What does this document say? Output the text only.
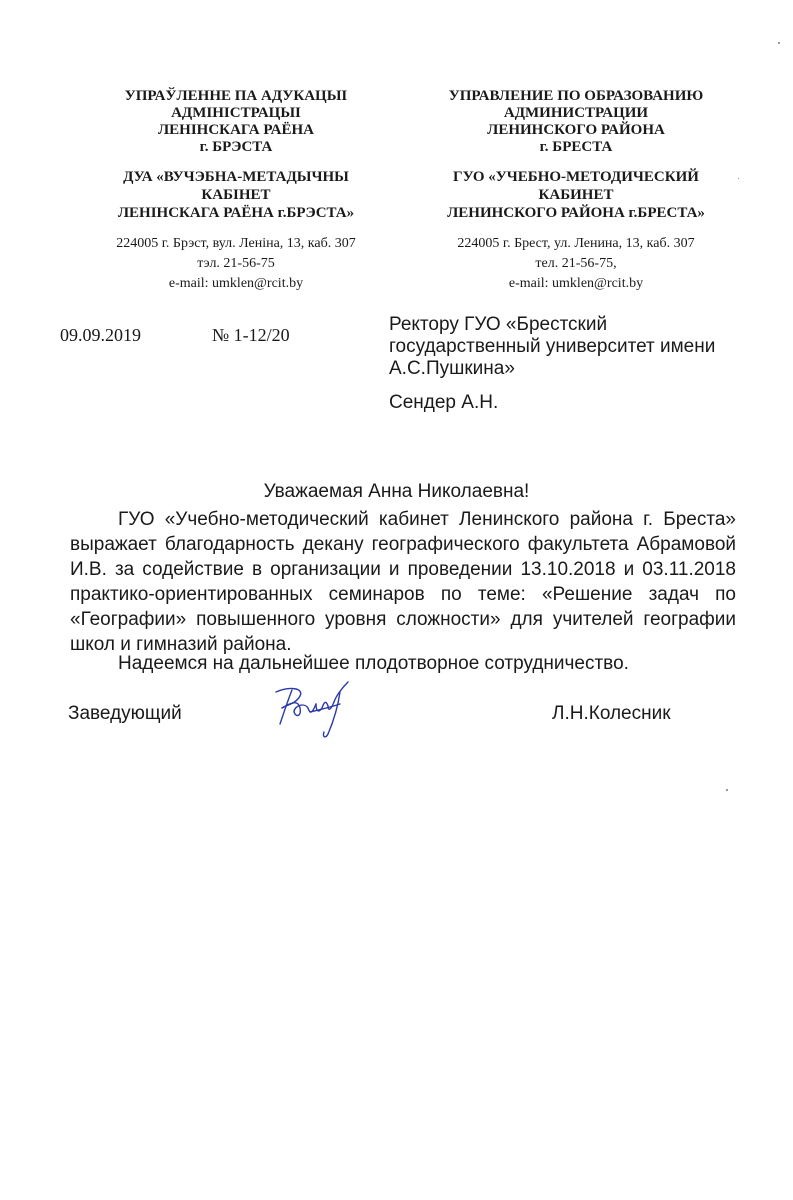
УПРАЎЛЕННЕ ПА АДУКАЦЫІ
АДМІНІСТРАЦЫІ
ЛЕНІНСКАГА РАЁНА
г. БРЭСТА
ДУА «ВУЧЭБНА-МЕТАДЫЧНЫ
КАБІНЕТ
ЛЕНІНСКАГА РАЁНА г.БРЭСТА»
224005 г. Брэст, вул. Леніна, 13, каб. 307
тэл. 21-56-75
e-mail: umklen@rcit.by
УПРАВЛЕНИЕ ПО ОБРАЗОВАНИЮ
АДМИНИСТРАЦИИ
ЛЕНИНСКОГО РАЙОНА
г. БРЕСТА
ГУО «УЧЕБНО-МЕТОДИЧЕСКИЙ
КАБИНЕТ
ЛЕНИНСКОГО РАЙОНА г.БРЕСТА»
224005 г. Брест, ул. Ленина, 13, каб. 307
тел. 21-56-75,
e-mail: umklen@rcit.by
09.09.2019	№ 1-12/20	Ректору ГУО «Брестский
государственный университет имени
А.С.Пушкина»
Сендер А.Н.
Уважаемая Анна Николаевна!

ГУО «Учебно-методический кабинет Ленинского района г. Бреста» выражает благодарность декану географического факультета Абрамовой И.В. за содействие в организации и проведении 13.10.2018 и 03.11.2018 практико-ориентированных семинаров по теме: «Решение задач по «Географии» повышенного уровня сложности» для учителей географии школ и гимназий района.

Надеемся на дальнейшее плодотворное сотрудничество.
Заведующий	Л.Н.Колесник
